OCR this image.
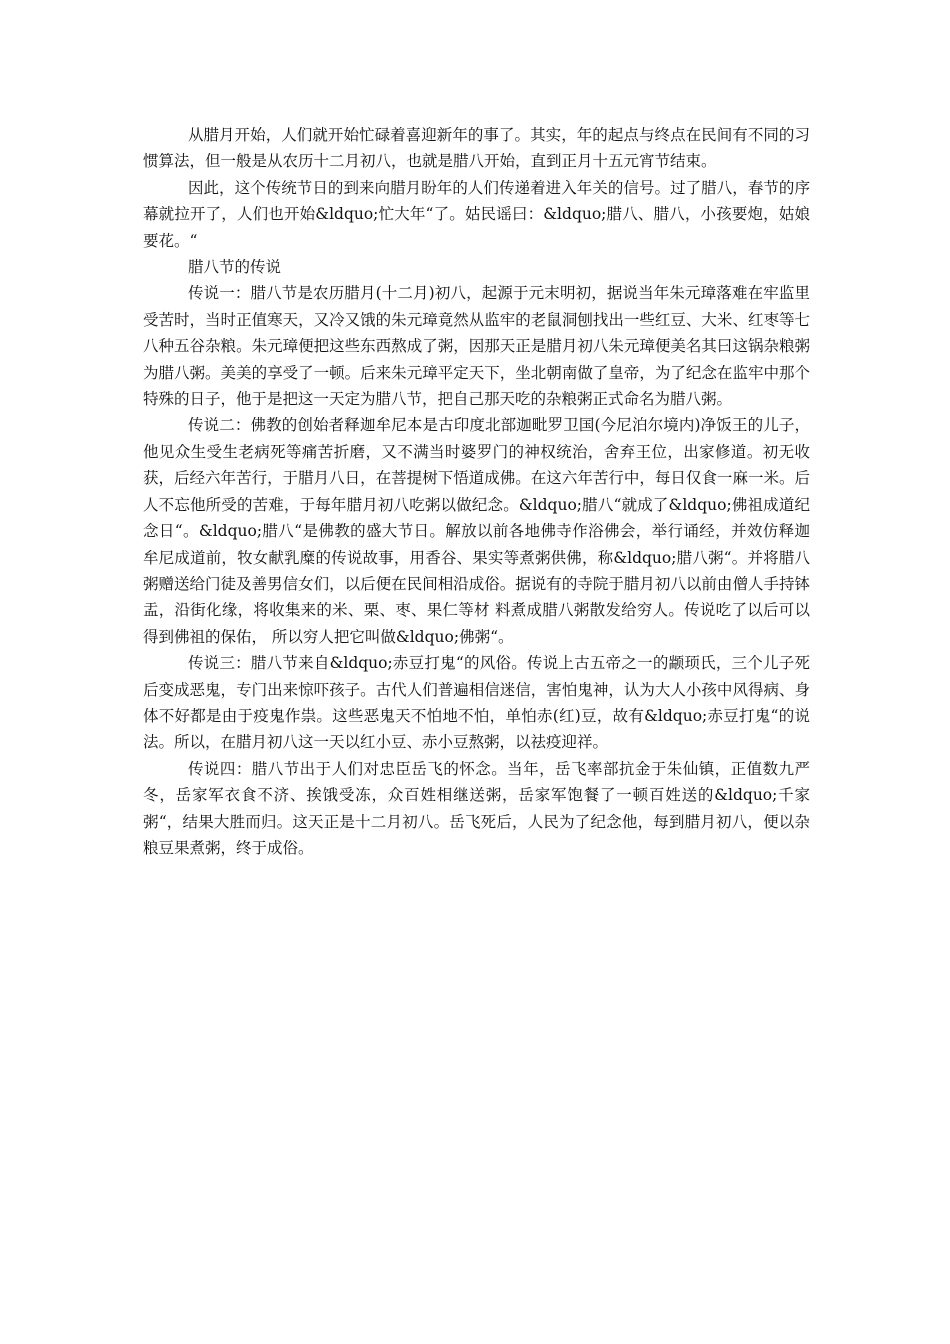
从腊月开始，人们就开始忙碌着喜迎新年的事了。其实，年的起点与终点在民间有不同的习惯算法，但一般是从农历十二月初八，也就是腊八开始，直到正月十五元宵节结束。

因此，这个传统节日的到来向腊月盼年的人们传递着进入年关的信号。过了腊八，春节的序幕就拉开了，人们也开始&ldquo;忙大年“了。姑民谣曰：&ldquo;腊八、腊八，小孩要炮，姑娘要花。“

腊八节的传说

传说一：腊八节是农历腊月(十二月)初八，起源于元末明初，据说当年朱元璋落难在牢监里受苦时，当时正值寒天，又冷又饿的朱元璋竟然从监牢的老鼠洞刨找出一些红豆、大米、红枣等七八种五谷杂粮。朱元璋便把这些东西熬成了粥，因那天正是腊月初八朱元璋便美名其曰这锅杂粮粥为腊八粥。美美的享受了一顿。后来朱元璋平定天下，坐北朝南做了皇帝，为了纪念在监牢中那个特殊的日子，他于是把这一天定为腊八节，把自己那天吃的杂粮粥正式命名为腊八粥。

传说二：佛教的创始者释迦牟尼本是古印度北部迦毗罗卫国(今尼泊尔境内)净饭王的儿子，他见众生受生老病死等痛苦折磨，又不满当时婆罗门的神权统治，舍弃王位，出家修道。初无收获，后经六年苦行，于腊月八日，在菩提树下悟道成佛。在这六年苦行中，每日仅食一麻一米。后人不忘他所受的苦难，于每年腊月初八吃粥以做纪念。&ldquo;腊八“就成了&ldquo;佛祖成道纪念日“。&ldquo;腊八“是佛教的盛大节日。解放以前各地佛寺作浴佛会，举行诵经，并效仿释迦牟尼成道前，牧女献乳糜的传说故事，用香谷、果实等煮粥供佛，称&ldquo;腊八粥“。并将腊八粥赠送给门徒及善男信女们，以后便在民间相沿成俗。据说有的寺院于腊月初八以前由僧人手持钵盂，沿街化缘，将收集来的米、栗、枣、果仁等材 料煮成腊八粥散发给穷人。传说吃了以后可以得到佛祖的保佑， 所以穷人把它叫做&ldquo;佛粥“。

传说三：腊八节来自&ldquo;赤豆打鬼“的风俗。传说上古五帝之一的颛顼氏，三个儿子死后变成恶鬼，专门出来惊吓孩子。古代人们普遍相信迷信，害怕鬼神，认为大人小孩中风得病、身体不好都是由于疫鬼作祟。这些恶鬼天不怕地不怕，单怕赤(红)豆，故有&ldquo;赤豆打鬼“的说法。所以，在腊月初八这一天以红小豆、赤小豆熬粥，以祛疫迎祥。

传说四：腊八节出于人们对忠臣岳飞的怀念。当年，岳飞率部抗金于朱仙镇，正值数九严冬，岳家军衣食不济、挨饿受冻，众百姓相继送粥，岳家军饱餐了一顿百姓送的&ldquo;千家粥“，结果大胜而归。这天正是十二月初八。岳飞死后，人民为了纪念他，每到腊月初八，便以杂粮豆果煮粥，终于成俗。
